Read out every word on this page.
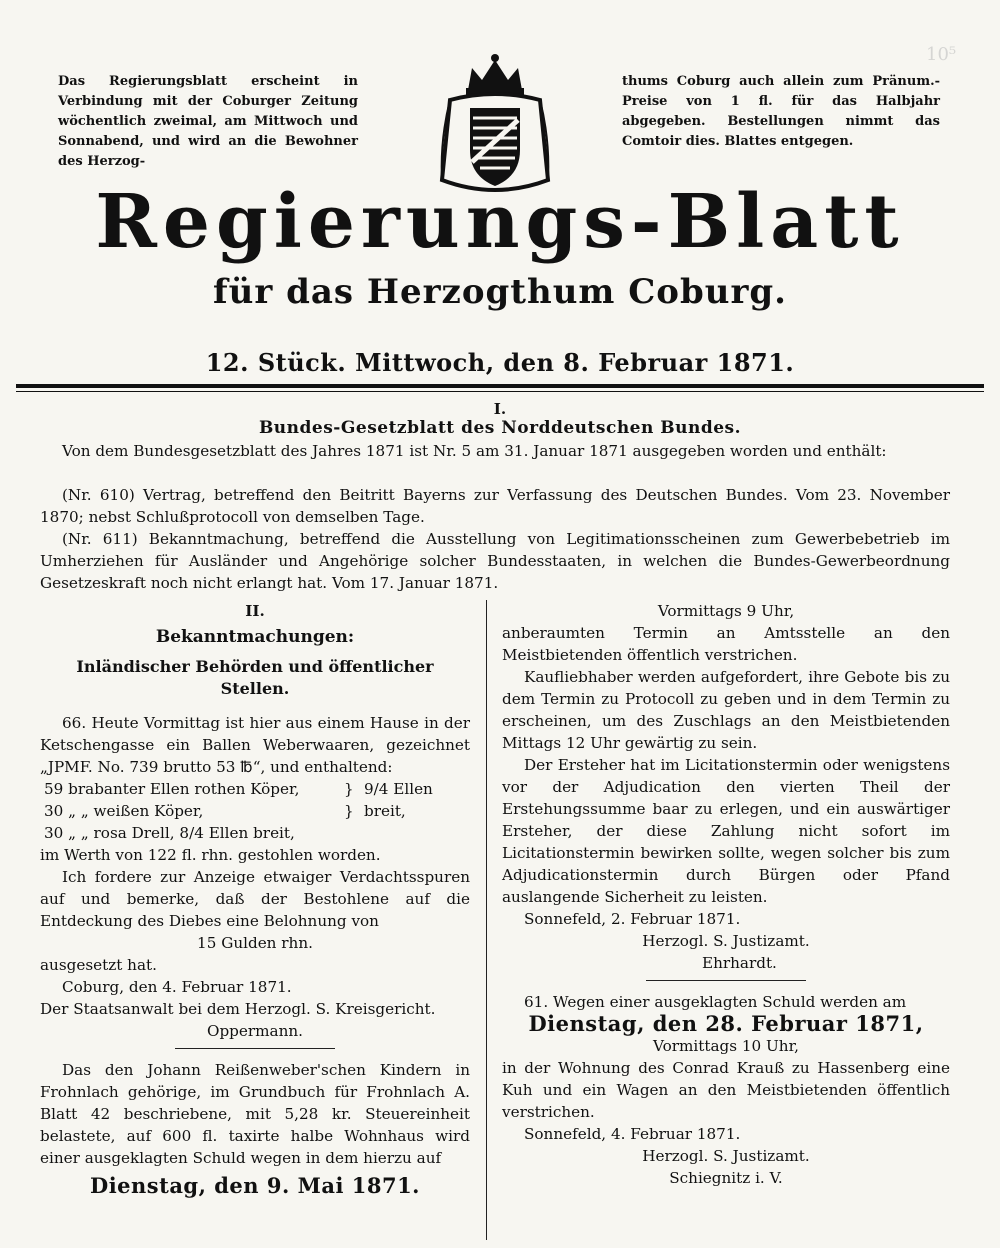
10⁵
Das Regierungsblatt erscheint in Verbindung mit der Coburger Zeitung wöchentlich zweimal, am Mittwoch und Sonnabend, und wird an die Bewohner des Herzog-
thums Coburg auch allein zum Pränum.-Preise von 1 fl. für das Halbjahr abgegeben. Bestellungen nimmt das Comtoir dies. Blattes entgegen.
Regierungs-Blatt
für das Herzogthum Coburg.
12. Stück. Mittwoch, den 8. Februar 1871.
I.
Bundes-Gesetzblatt des Norddeutschen Bundes.
Von dem Bundesgesetzblatt des Jahres 1871 ist Nr. 5 am 31. Januar 1871 ausgegeben worden und enthält:
(Nr. 610) Vertrag, betreffend den Beitritt Bayerns zur Verfassung des Deutschen Bundes. Vom 23. November 1870; nebst Schlußprotocoll von demselben Tage.
(Nr. 611) Bekanntmachung, betreffend die Ausstellung von Legitimationsscheinen zum Gewerbebetrieb im Umherziehen für Ausländer und Angehörige solcher Bundesstaaten, in welchen die Bundes-Gewerbeordnung Gesetzeskraft noch nicht erlangt hat. Vom 17. Januar 1871.
II.
Bekanntmachungen:
Inländischer Behörden und öffentlicher Stellen.
66. Heute Vormittag ist hier aus einem Hause in der Ketschengasse ein Ballen Weberwaaren, gezeichnet „JPMF. No. 739 brutto 53 ℔“, und enthaltend:
59 brabanter Ellen rothen Köper,	} 9/4 Ellen
30 „ „ weißen Köper,	} breit,
30 „ „ rosa Drell, 8/4 Ellen breit,
im Werth von 122 fl. rhn. gestohlen worden.
Ich fordere zur Anzeige etwaiger Verdachtsspuren auf und bemerke, daß der Bestohlene auf die Entdeckung des Diebes eine Belohnung von
15 Gulden rhn.
ausgesetzt hat.
Coburg, den 4. Februar 1871.
Der Staatsanwalt bei dem Herzogl. S. Kreisgericht.
Oppermann.
Das den Johann Reißenweber'schen Kindern in Frohnlach gehörige, im Grundbuch für Frohnlach A. Blatt 42 beschriebene, mit 5,28 kr. Steuereinheit belastete, auf 600 fl. taxirte halbe Wohnhaus wird einer ausgeklagten Schuld wegen in dem hierzu auf
Dienstag, den 9. Mai 1871.
Vormittags 9 Uhr,
anberaumten Termin an Amtsstelle an den Meistbietenden öffentlich verstrichen.
Kaufliebhaber werden aufgefordert, ihre Gebote bis zu dem Termin zu Protocoll zu geben und in dem Termin zu erscheinen, um des Zuschlags an den Meistbietenden Mittags 12 Uhr gewärtig zu sein.
Der Ersteher hat im Licitationstermin oder wenigstens vor der Adjudication den vierten Theil der Erstehungssumme baar zu erlegen, und ein auswärtiger Ersteher, der diese Zahlung nicht sofort im Licitationstermin bewirken sollte, wegen solcher bis zum Adjudicationstermin durch Bürgen oder Pfand auslangende Sicherheit zu leisten.
Sonnefeld, 2. Februar 1871.
Herzogl. S. Justizamt.
Ehrhardt.
61. Wegen einer ausgeklagten Schuld werden am
Dienstag, den 28. Februar 1871,
Vormittags 10 Uhr,
in der Wohnung des Conrad Krauß zu Hassenberg eine Kuh und ein Wagen an den Meistbietenden öffentlich verstrichen.
Sonnefeld, 4. Februar 1871.
Herzogl. S. Justizamt.
Schiegnitz i. V.
